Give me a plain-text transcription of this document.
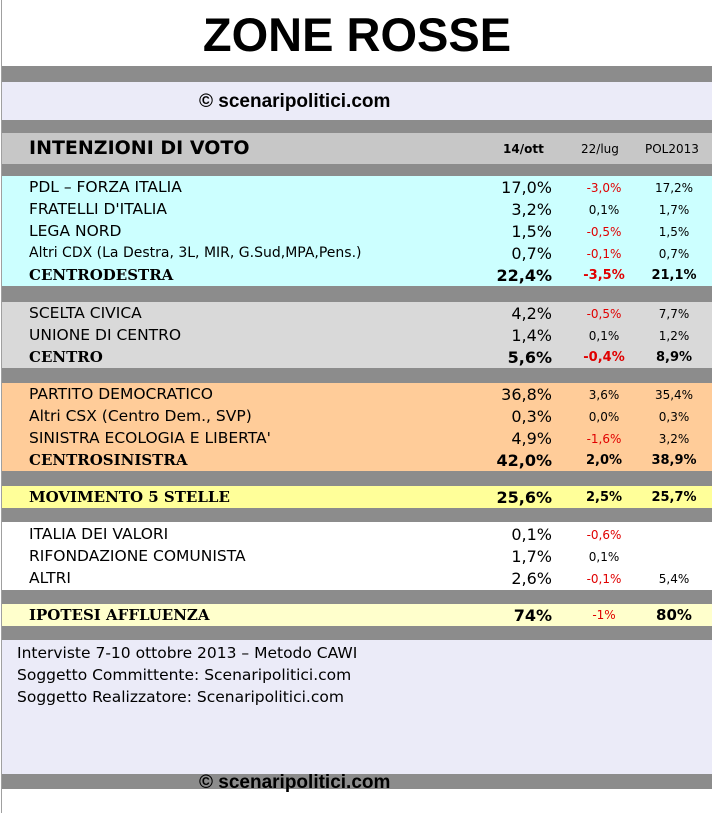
ZONE ROSSE
© scenaripolitici.com
INTENZIONI DI VOTO	14/ott	22/lug POL2013
PDL – FORZA ITALIA	17,0%	-3,0%	17,2%
FRATELLI D'ITALIA	3,2%	0,1%	1,7%
LEGA NORD	1,5%	-0,5%	1,5%
Altri CDX (La Destra, 3L, MIR, G.Sud,MPA,Pens.)	0,7%	-0,1%	0,7%
CENTRODESTRA	22,4%	-3,5%	21,1%
SCELTA CIVICA	4,2%	-0,5%	7,7%
UNIONE DI CENTRO	1,4%	0,1%	1,2%
CENTRO	5,6%	-0,4%	8,9%
PARTITO DEMOCRATICO	36,8%	3,6%	35,4%
Altri CSX (Centro Dem., SVP)	0,3%	0,0%	0,3%
SINISTRA ECOLOGIA E LIBERTA'	4,9%	-1,6%	3,2%
CENTROSINISTRA	42,0%	2,0%	38,9%
MOVIMENTO 5 STELLE	25,6%	2,5%	25,7%
ITALIA DEI VALORI	0,1%	-0,6%
RIFONDAZIONE COMUNISTA	1,7%	0,1%
ALTRI	2,6%	-0,1%	5,4%
IPOTESI AFFLUENZA	74%	-1%	80%
Interviste 7-10 ottobre 2013 – Metodo CAWI
Soggetto Committente: Scenaripolitici.com
Soggetto Realizzatore: Scenaripolitici.com
© scenaripolitici.com
